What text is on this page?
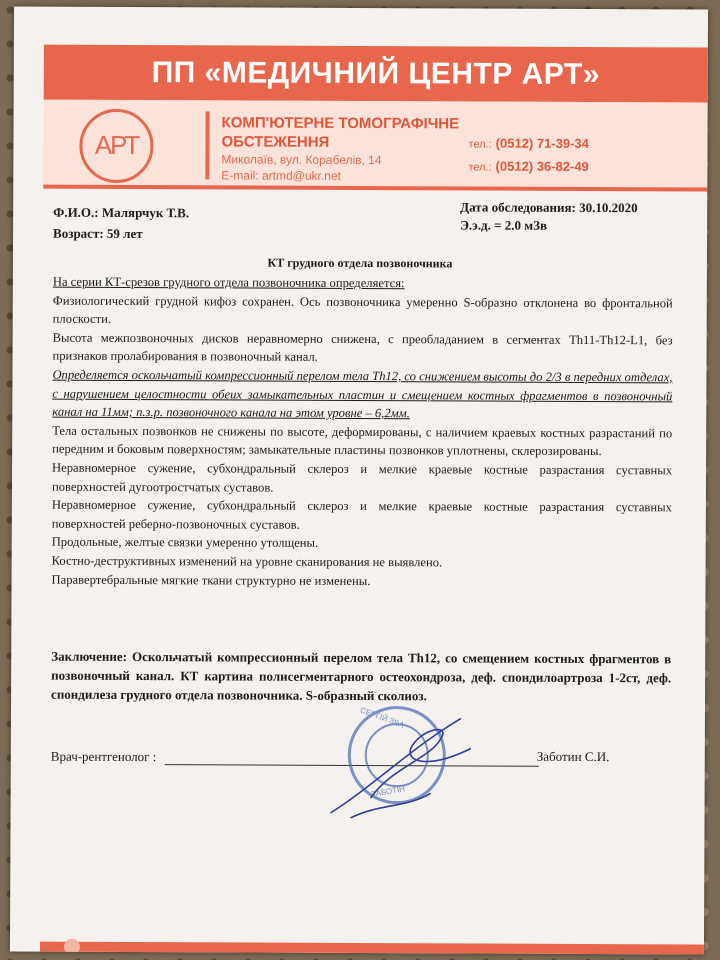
ПП «МЕДИЧНИЙ ЦЕНТР АРТ»
АРТ
КОМП'ЮТЕРНЕ ТОМОГРАФІЧНЕ ОБСТЕЖЕННЯ
Миколаїв, вул. Корабелів, 14
E-mail: artmd@ukr.net
тел.: (0512) 71-39-34
тел.: (0512) 36-82-49
Ф.И.О.: Малярчук Т.В.
Возраст: 59 лет
Дата обследования: 30.10.2020
Э.э.д. = 2.0 мЗв
КТ грудного отдела позвоночника

На серии КТ-срезов грудного отдела позвоночника определяется:

Физиологический грудной кифоз сохранен. Ось позвоночника умеренно S-образно отклонена во фронтальной плоскости.

Высота межпозвоночных дисков неравномерно снижена, с преобладанием в сегментах Th11-Th12-L1, без признаков пролабирования в позвоночный канал.

Определяется оскольчатый компрессионный перелом тела Th12, со снижением высоты до 2/3 в передних отделах, с нарушением целостности обеих замыкательных пластин и смещением костных фрагментов в позвоночный канал на 11мм; п.з.р. позвоночного канала на этом уровне – 6,2мм.

Тела остальных позвонков не снижены по высоте, деформированы, с наличием краевых костных разрастаний по передним и боковым поверхностям; замыкательные пластины позвонков уплотнены, склерозированы.

Неравномерное сужение, субхондральный склероз и мелкие краевые костные разрастания суставных поверхностей дугоотростчатых суставов.

Неравномерное сужение, субхондральный склероз и мелкие краевые костные разрастания суставных поверхностей реберно-позвоночных суставов.

Продольные, желтые связки умеренно утолщены.

Костно-деструктивных изменений на уровне сканирования не выявлено.

Паравертебральные мягкие ткани структурно не изменены.

Заключение: Оскольчатый компрессионный перелом тела Th12, со смещением костных фрагментов в позвоночный канал. КТ картина полисегментарного остеохондроза, деф. спондилоартроза 1-2ст, деф. спондилеза грудного отдела позвоночника. S-образный сколиоз.
Врач-рентгенолог :	Заботин С.И.
СЕРГІЙ ЗВА
ЗАБОТІН
